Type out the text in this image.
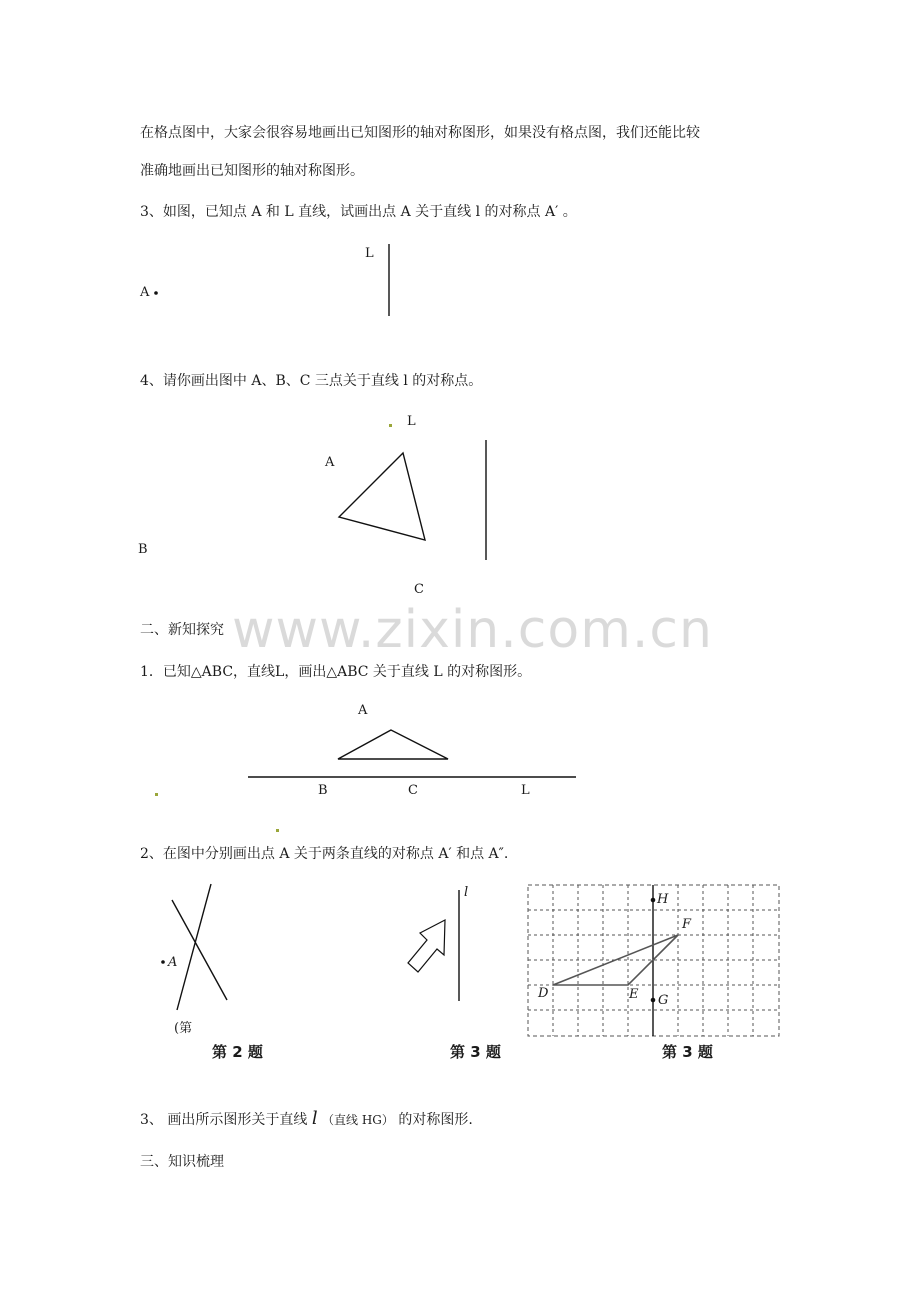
在格点图中，大家会很容易地画出已知图形的轴对称图形，如果没有格点图，我们还能比较
准确地画出已知图形的轴对称图形。
3、如图，已知点 A 和 L 直线，试画出点 A 关于直线 l 的对称点 A′ 。
A
L
4、请你画出图中 A、B、C 三点关于直线 l 的对称点。
L
A
B
C
二、新知探究 www.zixin.com.cn
1．已知△ABC，直线L，画出△ABC 关于直线 L 的对称图形。
A
B	C	L
2、在图中分别画出点 A 关于两条直线的对称点 A′ 和点 A″.
A
(第
第 2 题
l
第 3 题
H
F
D	E G
第 3 题
3、 画出所示图形关于直线 l （直线 HG） 的对称图形.
三、知识梳理
